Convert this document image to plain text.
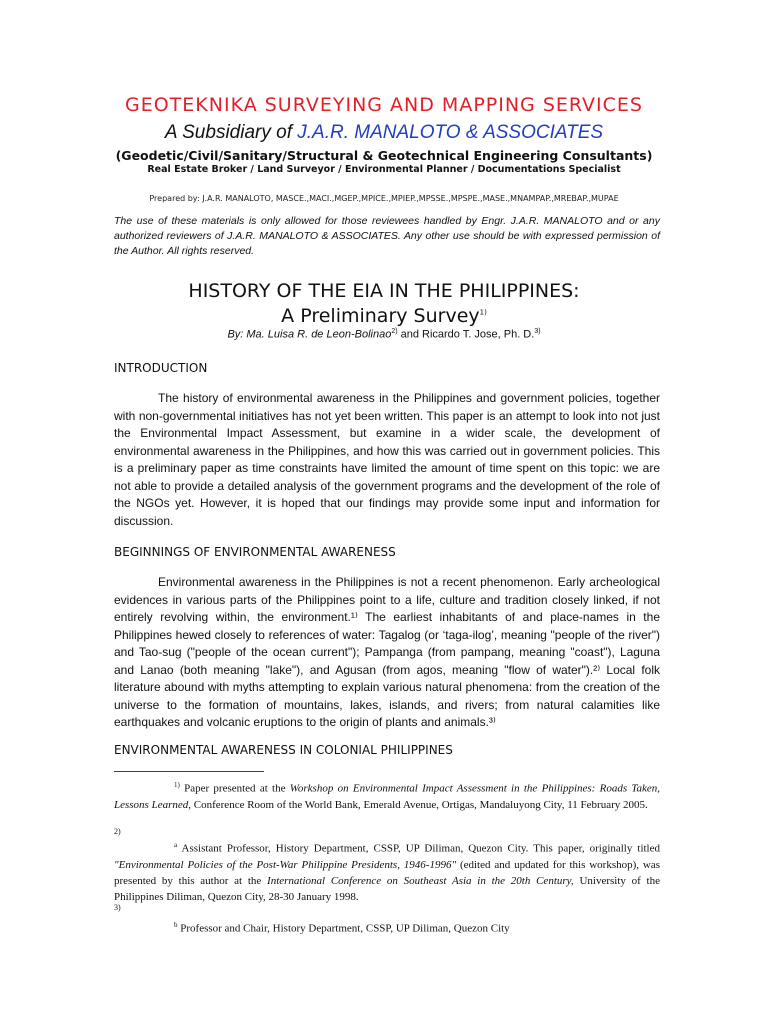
GEOTEKNIKA SURVEYING AND MAPPING SERVICES
A Subsidiary of J.A.R. MANALOTO & ASSOCIATES
(Geodetic/Civil/Sanitary/Structural & Geotechnical Engineering Consultants)
Real Estate Broker / Land Surveyor / Environmental Planner / Documentations Specialist
Prepared by: J.A.R. MANALOTO, MASCE.,MACI.,MGEP.,MPICE.,MPIEP.,MPSSE.,MPSPE.,MASE.,MNAMPAP.,MREBAP.,MUPAE
The use of these materials is only allowed for those reviewees handled by Engr. J.A.R. MANALOTO and or any authorized reviewers of J.A.R. MANALOTO & ASSOCIATES. Any other use should be with expressed permission of the Author. All rights reserved.
HISTORY OF THE EIA IN THE PHILIPPINES:
A Preliminary Survey$^{1)}$
By: Ma. Luisa R. de Leon-Bolinao$^{2)}$ and Ricardo T. Jose, Ph. D.$^{3)}$
INTRODUCTION
The history of environmental awareness in the Philippines and government policies, together with non-governmental initiatives has not yet been written. This paper is an attempt to look into not just the Environmental Impact Assessment, but examine in a wider scale, the development of environmental awareness in the Philippines, and how this was carried out in government policies. This is a preliminary paper as time constraints have limited the amount of time spent on this topic: we are not able to provide a detailed analysis of the government programs and the development of the role of the NGOs yet. However, it is hoped that our findings may provide some input and information for discussion.
BEGINNINGS OF ENVIRONMENTAL AWARENESS
Environmental awareness in the Philippines is not a recent phenomenon. Early archeological evidences in various parts of the Philippines point to a life, culture and tradition closely linked, if not entirely revolving within, the environment.¹⁾ The earliest inhabitants of and place-names in the Philippines hewed closely to references of water: Tagalog (or ‘taga-ilog’, meaning "people of the river") and Tao-sug ("people of the ocean current"); Pampanga (from pampang, meaning "coast"), Laguna and Lanao (both meaning "lake"), and Agusan (from agos, meaning "flow of water").²⁾ Local folk literature abound with myths attempting to explain various natural phenomena: from the creation of the universe to the formation of mountains, lakes, islands, and rivers; from natural calamities like earthquakes and volcanic eruptions to the origin of plants and animals.³⁾
ENVIRONMENTAL AWARENESS IN COLONIAL PHILIPPINES
$^{1)}$ Paper presented at the Workshop on Environmental Impact Assessment in the Philippines: Roads Taken, Lessons Learned, Conference Room of the World Bank, Emerald Avenue, Ortigas, Mandaluyong City, 11 February 2005.
2)
$^a$ Assistant Professor, History Department, CSSP, UP Diliman, Quezon City. This paper, originally titled "Environmental Policies of the Post-War Philippine Presidents, 1946-1996" (edited and updated for this workshop), was presented by this author at the International Conference on Southeast Asia in the 20th Century, University of the Philippines Diliman, Quezon City, 28-30 January 1998.
3)
$^b$ Professor and Chair, History Department, CSSP, UP Diliman, Quezon City
